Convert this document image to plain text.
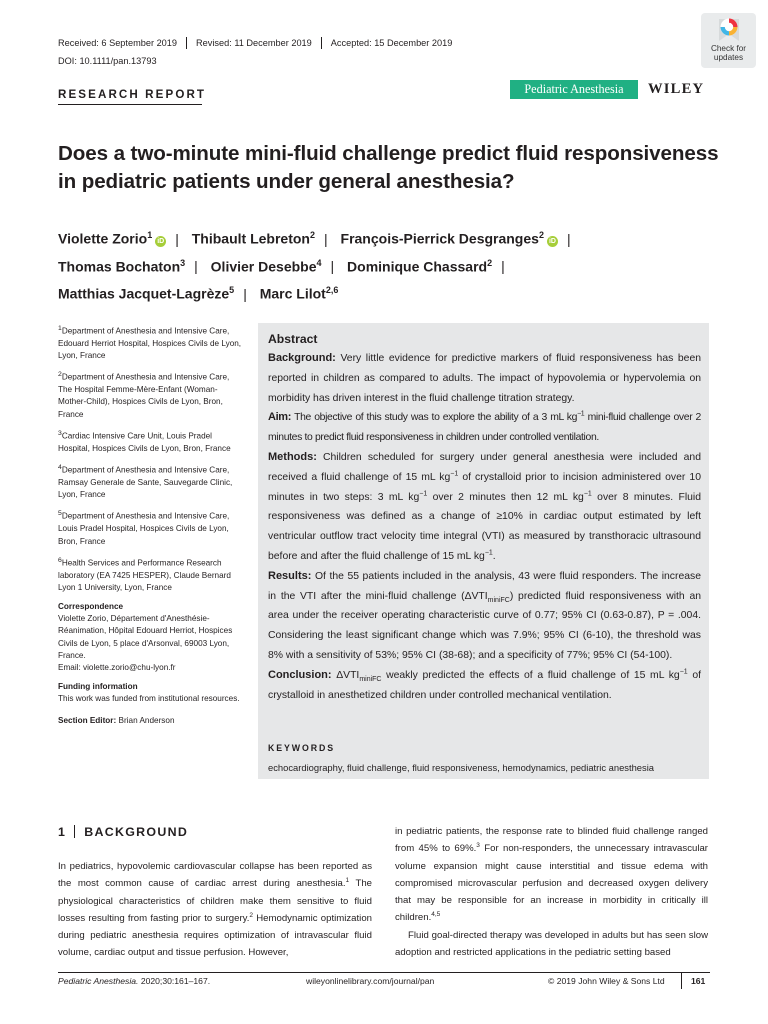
Received: 6 September 2019 Revised: 11 December 2019 Accepted: 15 December 2019
DOI: 10.1111/pan.13793
Check for
updates
RESEARCH REPORT	Pediatric Anesthesia	WILEY
Does a two-minute mini-fluid challenge predict fluid responsiveness in pediatric patients under general anesthesia?
Violette Zorio$^1$iD | Thibault Lebreton$^2$ | François-Pierrick Desgranges$^2$iD |
Thomas Bochaton$^3$ | Olivier Desebbe$^4$ | Dominique Chassard$^2$ |
Matthias Jacquet-Lagrèze$^5$ | Marc Lilot$^{2,6}$

$^1$Department of Anesthesia and Intensive Care, Edouard Herriot Hospital, Hospices Civils de Lyon, Lyon, France

$^2$Department of Anesthesia and Intensive Care, The Hospital Femme-Mère-Enfant (Woman-Mother-Child), Hospices Civils de Lyon, Bron, France

$^3$Cardiac Intensive Care Unit, Louis Pradel Hospital, Hospices Civils de Lyon, Bron, France

$^4$Department of Anesthesia and Intensive Care, Ramsay Generale de Sante, Sauvegarde Clinic, Lyon, France

$^5$Department of Anesthesia and Intensive Care, Louis Pradel Hospital, Hospices Civils de Lyon, Bron, France

$^6$Health Services and Performance Research laboratory (EA 7425 HESPER), Claude Bernard Lyon 1 University, Lyon, France

Correspondence

Violette Zorio, Département d'Anesthésie-Réanimation, Hôpital Edouard Herriot, Hospices Civils de Lyon, 5 place d'Arsonval, 69003 Lyon, France.

Email: violette.zorio@chu-lyon.fr

Funding information

This work was funded from institutional resources.

Section Editor: Brian Anderson

Abstract

Background: Very little evidence for predictive markers of fluid responsiveness has been reported in children as compared to adults. The impact of hypovolemia or hypervolemia on morbidity has driven interest in the fluid challenge titration strategy.

Aim: The objective of this study was to explore the ability of a 3 mL $kg^{-1}$ mini-fluid challenge over 2 minutes to predict fluid responsiveness in children under controlled ventilation.

Methods: Children scheduled for surgery under general anesthesia were included and received a fluid challenge of 15 mL $kg^{-1}$ of crystalloid prior to incision administered over 10 minutes in two steps: 3 mL $kg^{-1}$ over 2 minutes then 12 mL $kg^{-1}$ over 8 minutes. Fluid responsiveness was defined as a change of ≥10% in cardiac output estimated by left ventricular outflow tract velocity time integral (VTI) as measured by transthoracic ultrasound before and after the fluid challenge of 15 mL $kg^{-1}$.

Results: Of the 55 patients included in the analysis, 43 were fluid responders. The increase in the VTI after the mini-fluid challenge $(\Delta VTI_{miniFC})$ predicted fluid responsiveness with an area under the receiver operating characteristic curve of 0.77; 95% CI (0.63-0.87), P = .004. Considering the least significant change which was 7.9%; 95% CI (6-10), the threshold was 8% with a sensitivity of 53%; 95% CI (38-68); and a specificity of 77%; 95% CI (54-100).

Conclusion: $\Delta VTI_{miniFC}$ weakly predicted the effects of a fluid challenge of 15 mL $kg^{-1}$ of crystalloid in anesthetized children under controlled mechanical ventilation.

KEYWORDS
echocardiography, fluid challenge, fluid responsiveness, hemodynamics, pediatric anesthesia
1 BACKGROUND

In pediatrics, hypovolemic cardiovascular collapse has been reported as the most common cause of cardiac arrest during anesthesia.$^1$ The physiological characteristics of children make them sensitive to fluid losses resulting from fasting prior to surgery.$^2$ Hemodynamic optimization during pediatric anesthesia requires optimization of intravascular fluid volume, cardiac output and tissue perfusion. However,

in pediatric patients, the response rate to blinded fluid challenge ranged from 45% to 69%.$^3$ For non-responders, the unnecessary intravascular volume expansion might cause interstitial and tissue edema with compromised microvascular perfusion and decreased oxygen delivery that may be responsible for an increase in morbidity in critically ill children.$^{4,5}$

Fluid goal-directed therapy was developed in adults but has seen slow adoption and restricted applications in the pediatric setting based

Pediatric Anesthesia. 2020;30:161–167.	wileyonlinelibrary.com/journal/pan	© 2019 John Wiley & Sons Ltd	161
